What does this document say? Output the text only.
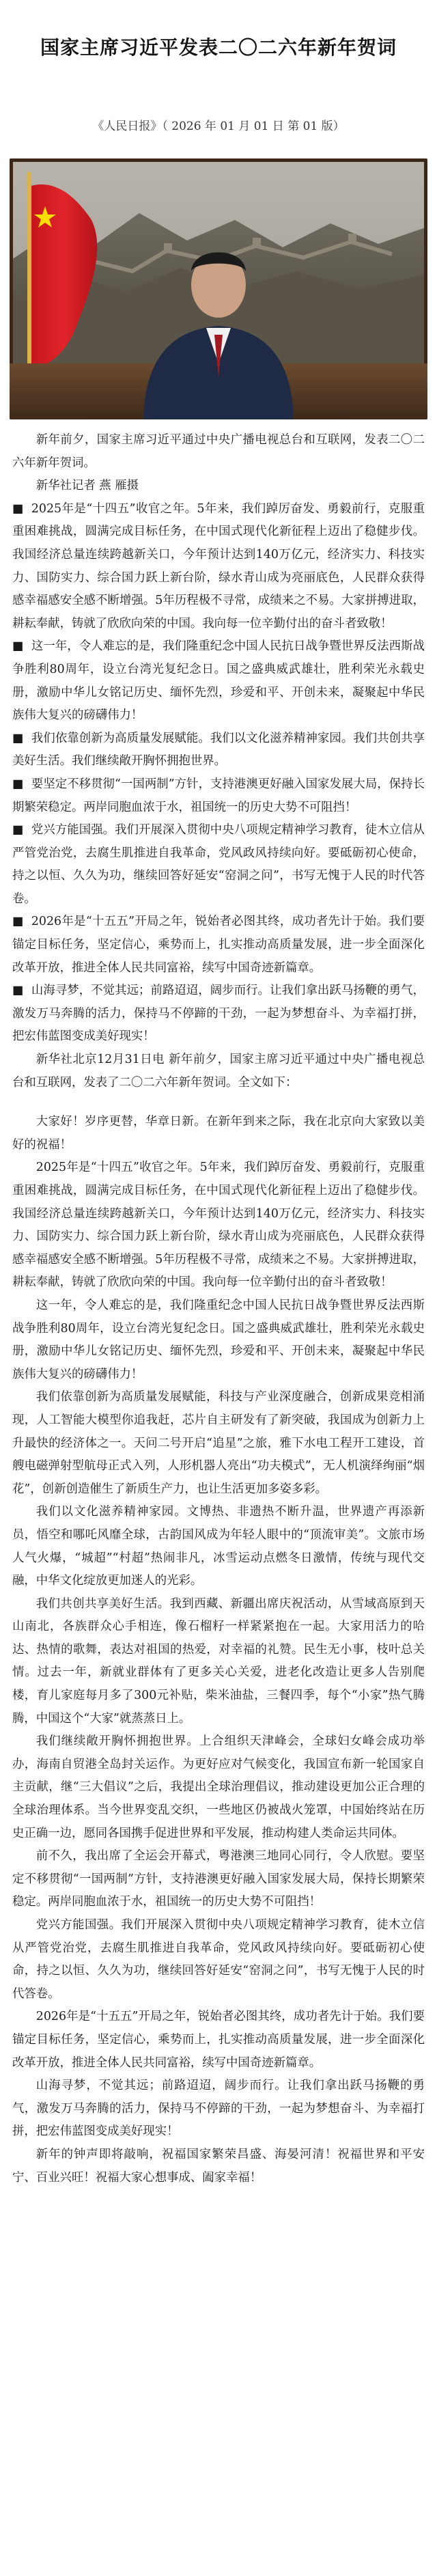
国家主席习近平发表二〇二六年新年贺词
《人民日报》（ 2026 年 01 月 01 日 第 01 版）

新年前夕，国家主席习近平通过中央广播电视总台和互联网，发表二〇二六年新年贺词。

新华社记者 燕 雁摄

■ 2025年是“十四五”收官之年。5年来，我们踔厉奋发、勇毅前行，克服重重困难挑战，圆满完成目标任务，在中国式现代化新征程上迈出了稳健步伐。我国经济总量连续跨越新关口，今年预计达到140万亿元，经济实力、科技实力、国防实力、综合国力跃上新台阶，绿水青山成为亮丽底色，人民群众获得感幸福感安全感不断增强。5年历程极不寻常，成绩来之不易。大家拼搏进取，耕耘奉献，铸就了欣欣向荣的中国。我向每一位辛勤付出的奋斗者致敬！

■ 这一年，令人难忘的是，我们隆重纪念中国人民抗日战争暨世界反法西斯战争胜利80周年，设立台湾光复纪念日。国之盛典威武雄壮，胜利荣光永载史册，激励中华儿女铭记历史、缅怀先烈，珍爱和平、开创未来，凝聚起中华民族伟大复兴的磅礴伟力！

■ 我们依靠创新为高质量发展赋能。我们以文化滋养精神家园。我们共创共享美好生活。我们继续敞开胸怀拥抱世界。

■ 要坚定不移贯彻“一国两制”方针，支持港澳更好融入国家发展大局，保持长期繁荣稳定。两岸同胞血浓于水，祖国统一的历史大势不可阻挡！

■ 党兴方能国强。我们开展深入贯彻中央八项规定精神学习教育，徒木立信从严管党治党，去腐生肌推进自我革命，党风政风持续向好。要砥砺初心使命，持之以恒、久久为功，继续回答好延安“窑洞之问”，书写无愧于人民的时代答卷。

■ 2026年是“十五五”开局之年，锐始者必图其终，成功者先计于始。我们要锚定目标任务，坚定信心，乘势而上，扎实推动高质量发展，进一步全面深化改革开放，推进全体人民共同富裕，续写中国奇迹新篇章。

■ 山海寻梦，不觉其远；前路迢迢，阔步而行。让我们拿出跃马扬鞭的勇气，激发万马奔腾的活力，保持马不停蹄的干劲，一起为梦想奋斗、为幸福打拼，把宏伟蓝图变成美好现实！

新华社北京12月31日电 新年前夕，国家主席习近平通过中央广播电视总台和互联网，发表了二〇二六年新年贺词。全文如下：

大家好！岁序更替，华章日新。在新年到来之际，我在北京向大家致以美好的祝福！

2025年是“十四五”收官之年。5年来，我们踔厉奋发、勇毅前行，克服重重困难挑战，圆满完成目标任务，在中国式现代化新征程上迈出了稳健步伐。我国经济总量连续跨越新关口，今年预计达到140万亿元，经济实力、科技实力、国防实力、综合国力跃上新台阶，绿水青山成为亮丽底色，人民群众获得感幸福感安全感不断增强。5年历程极不寻常，成绩来之不易。大家拼搏进取，耕耘奉献，铸就了欣欣向荣的中国。我向每一位辛勤付出的奋斗者致敬！

这一年，令人难忘的是，我们隆重纪念中国人民抗日战争暨世界反法西斯战争胜利80周年，设立台湾光复纪念日。国之盛典威武雄壮，胜利荣光永载史册，激励中华儿女铭记历史、缅怀先烈，珍爱和平、开创未来，凝聚起中华民族伟大复兴的磅礴伟力！

我们依靠创新为高质量发展赋能，科技与产业深度融合，创新成果竞相涌现，人工智能大模型你追我赶，芯片自主研发有了新突破，我国成为创新力上升最快的经济体之一。天问二号开启“追星”之旅，雅下水电工程开工建设，首艘电磁弹射型航母正式入列，人形机器人亮出“功夫模式”，无人机演绎绚丽“烟花”，创新创造催生了新质生产力，也让生活更加多姿多彩。

我们以文化滋养精神家园。文博热、非遗热不断升温，世界遗产再添新员，悟空和哪吒风靡全球，古韵国风成为年轻人眼中的“顶流审美”。文旅市场人气火爆，“城超”“村超”热闹非凡，冰雪运动点燃冬日激情，传统与现代交融，中华文化绽放更加迷人的光彩。

我们共创共享美好生活。我到西藏、新疆出席庆祝活动，从雪域高原到天山南北，各族群众心手相连，像石榴籽一样紧紧抱在一起。大家用活力的哈达、热情的歌舞，表达对祖国的热爱，对幸福的礼赞。民生无小事，枝叶总关情。过去一年，新就业群体有了更多关心关爱，进老化改造让更多人告别爬楼，育儿家庭每月多了300元补贴，柴米油盐，三餐四季，每个“小家”热气腾腾，中国这个“大家”就蒸蒸日上。

我们继续敞开胸怀拥抱世界。上合组织天津峰会，全球妇女峰会成功举办，海南自贸港全岛封关运作。为更好应对气候变化，我国宣布新一轮国家自主贡献，继“三大倡议”之后，我提出全球治理倡议，推动建设更加公正合理的全球治理体系。当今世界变乱交织，一些地区仍被战火笼罩，中国始终站在历史正确一边，愿同各国携手促进世界和平发展，推动构建人类命运共同体。

前不久，我出席了全运会开幕式，粤港澳三地同心同行，令人欣慰。要坚定不移贯彻“一国两制”方针，支持港澳更好融入国家发展大局，保持长期繁荣稳定。两岸同胞血浓于水，祖国统一的历史大势不可阻挡！

党兴方能国强。我们开展深入贯彻中央八项规定精神学习教育，徒木立信从严管党治党，去腐生肌推进自我革命，党风政风持续向好。要砥砺初心使命，持之以恒、久久为功，继续回答好延安“窑洞之问”，书写无愧于人民的时代答卷。

2026年是“十五五”开局之年，锐始者必图其终，成功者先计于始。我们要锚定目标任务，坚定信心，乘势而上，扎实推动高质量发展，进一步全面深化改革开放，推进全体人民共同富裕，续写中国奇迹新篇章。

山海寻梦，不觉其远；前路迢迢，阔步而行。让我们拿出跃马扬鞭的勇气，激发万马奔腾的活力，保持马不停蹄的干劲，一起为梦想奋斗、为幸福打拼，把宏伟蓝图变成美好现实！

新年的钟声即将敲响，祝福国家繁荣昌盛、海晏河清！祝福世界和平安宁、百业兴旺！祝福大家心想事成、阖家幸福！
